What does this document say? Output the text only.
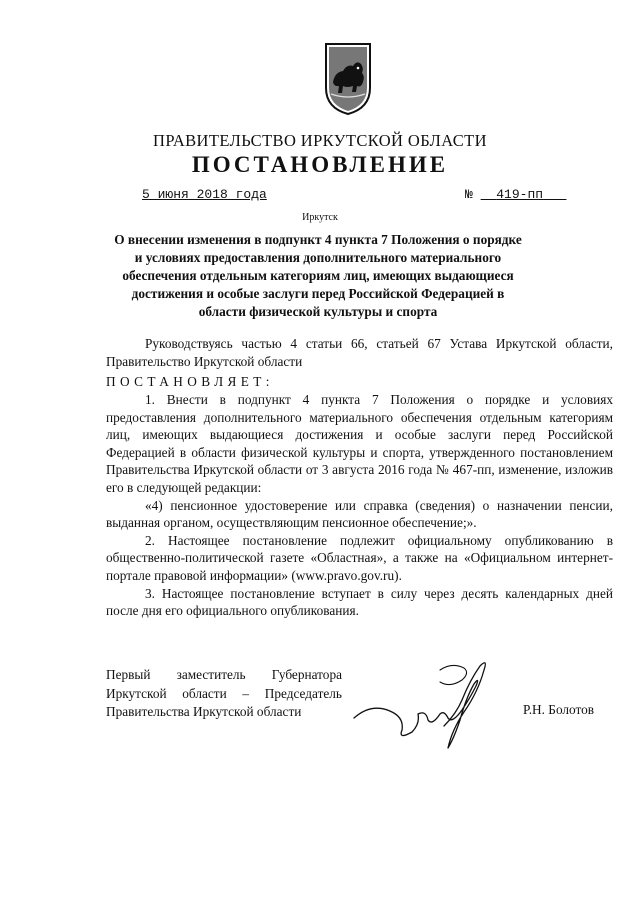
ПРАВИТЕЛЬСТВО ИРКУТСКОЙ ОБЛАСТИ
ПОСТАНОВЛЕНИЕ
5 июня 2018 года	№ 419-пп
Иркутск
О внесении изменения в подпункт 4 пункта 7 Положения о порядке и условиях предоставления дополнительного материального обеспечения отдельным категориям лиц, имеющих выдающиеся достижения и особые заслуги перед Российской Федерацией в области физической культуры и спорта

Руководствуясь частью 4 статьи 66, статьей 67 Устава Иркутской области, Правительство Иркутской области

ПОСТАНОВЛЯЕТ:

1. Внести в подпункт 4 пункта 7 Положения о порядке и условиях предоставления дополнительного материального обеспечения отдельным категориям лиц, имеющих выдающиеся достижения и особые заслуги перед Российской Федерацией в области физической культуры и спорта, утвержденного постановлением Правительства Иркутской области от 3 августа 2016 года № 467-пп, изменение, изложив его в следующей редакции:

«4) пенсионное удостоверение или справка (сведения) о назначении пенсии, выданная органом, осуществляющим пенсионное обеспечение;».

2. Настоящее постановление подлежит официальному опубликованию в общественно-политической газете «Областная», а также на «Официальном интернет-портале правовой информации» (www.pravo.gov.ru).

3. Настоящее постановление вступает в силу через десять календарных дней после дня его официального опубликования.

Первый заместитель Губернатора
Иркутской области – Председатель
Правительства Иркутской области	Р.Н. Болотов
